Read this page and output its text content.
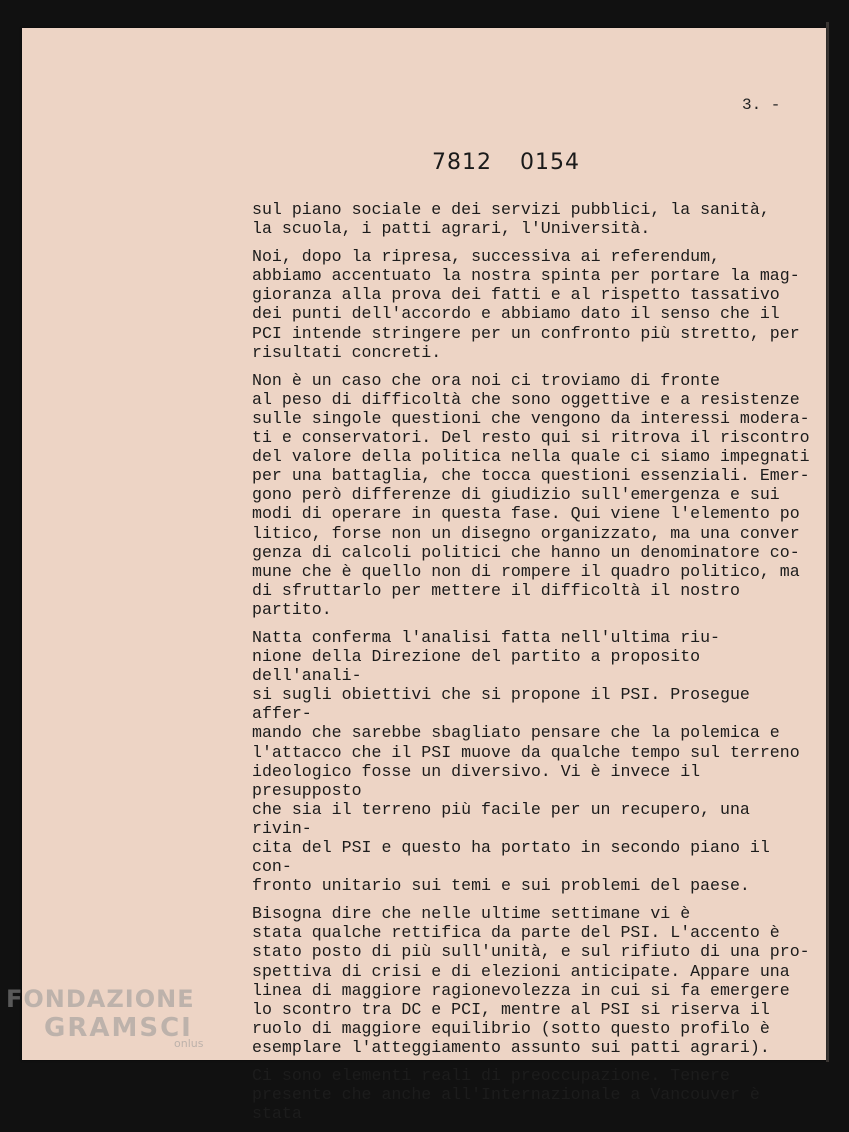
3. -
7812 0154

sul piano sociale e dei servizi pubblici, la sanità,
la scuola, i patti agrari, l'Università.

Noi, dopo la ripresa, successiva ai referendum,
abbiamo accentuato la nostra spinta per portare la mag-
gioranza alla prova dei fatti e al rispetto tassativo
dei punti dell'accordo e abbiamo dato il senso che il
PCI intende stringere per un confronto più stretto, per
risultati concreti.

Non è un caso che ora noi ci troviamo di fronte
al peso di difficoltà che sono oggettive e a resistenze
sulle singole questioni che vengono da interessi modera-
ti e conservatori. Del resto qui si ritrova il riscontro
del valore della politica nella quale ci siamo impegnati
per una battaglia, che tocca questioni essenziali. Emer-
gono però differenze di giudizio sull'emergenza e sui
modi di operare in questa fase. Qui viene l'elemento po
litico, forse non un disegno organizzato, ma una conver
genza di calcoli politici che hanno un denominatore co-
mune che è quello non di rompere il quadro politico, ma
di sfruttarlo per mettere il difficoltà il nostro partito.

Natta conferma l'analisi fatta nell'ultima riu-
nione della Direzione del partito a proposito dell'anali-
si sugli obiettivi che si propone il PSI. Prosegue affer-
mando che sarebbe sbagliato pensare che la polemica e
l'attacco che il PSI muove da qualche tempo sul terreno
ideologico fosse un diversivo. Vi è invece il presupposto
che sia il terreno più facile per un recupero, una rivin-
cita del PSI e questo ha portato in secondo piano il con-
fronto unitario sui temi e sui problemi del paese.

Bisogna dire che nelle ultime settimane vi è
stata qualche rettifica da parte del PSI. L'accento è
stato posto di più sull'unità, e sul rifiuto di una pro-
spettiva di crisi e di elezioni anticipate. Appare una
linea di maggiore ragionevolezza in cui si fa emergere
lo scontro tra DC e PCI, mentre al PSI si riserva il
ruolo di maggiore equilibrio (sotto questo profilo è
esemplare l'atteggiamento assunto sui patti agrari).

Ci sono elementi reali di preoccupazione. Tenere
presente che anche all'Internazionale a Vancouver è stata

FONDAZIONE
GRAMSCI
onlus
